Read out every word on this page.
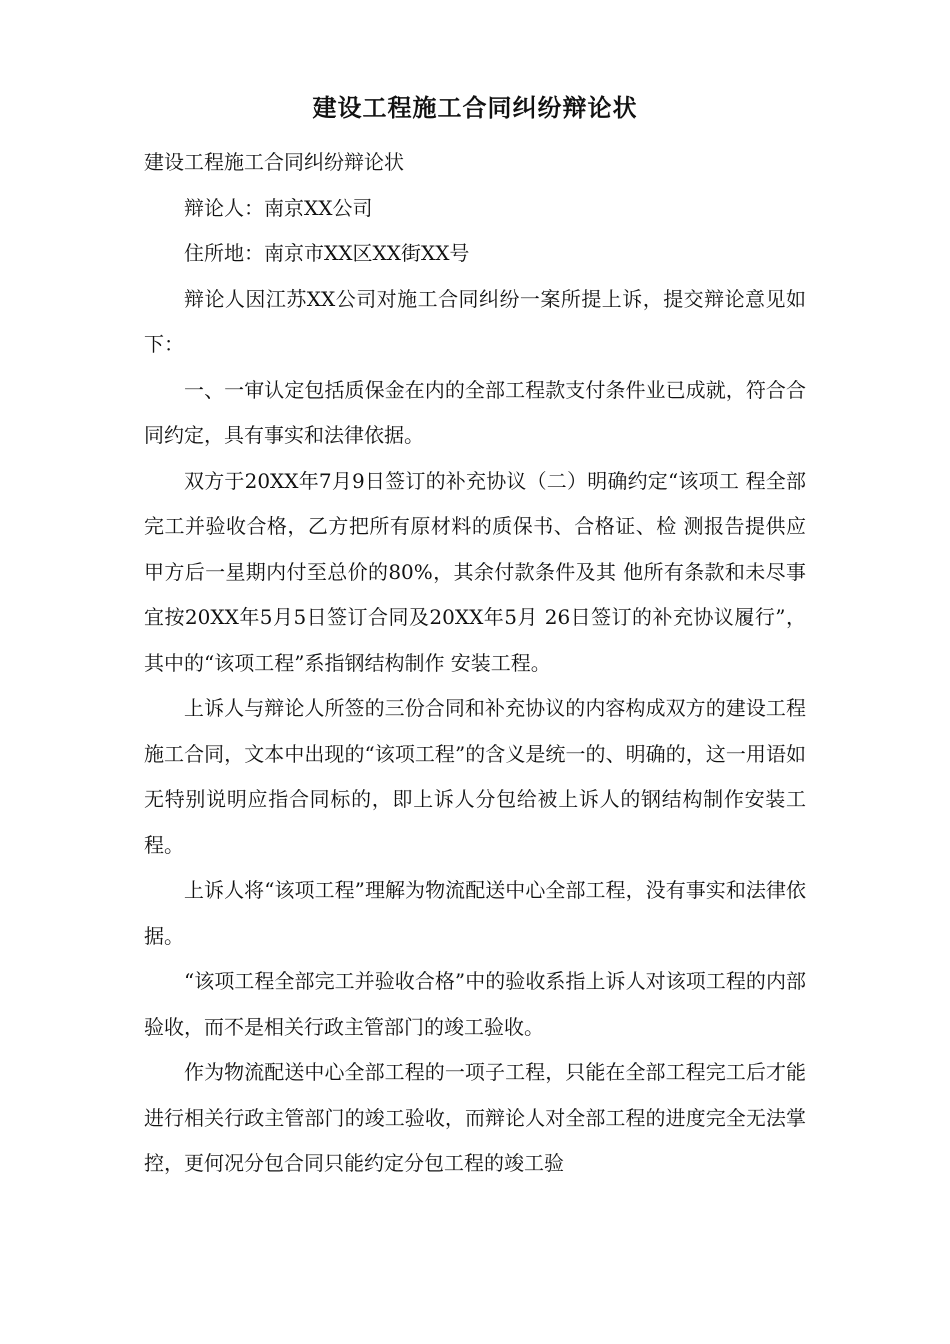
建设工程施工合同纠纷辩论状

建设工程施工合同纠纷辩论状

辩论人：南京XX公司

住所地：南京市XX区XX街XX号

辩论人因江苏XX公司对施工合同纠纷一案所提上诉，提交辩论意见如下：

一、一审认定包括质保金在内的全部工程款支付条件业已成就，符合合同约定，具有事实和法律依据。

双方于20XX年7月9日签订的补充协议（二）明确约定“该项工 程全部完工并验收合格，乙方把所有原材料的质保书、合格证、检 测报告提供应甲方后一星期内付至总价的80%，其余付款条件及其 他所有条款和未尽事宜按20XX年5月5日签订合同及20XX年5月 26日签订的补充协议履行”，其中的“该项工程”系指钢结构制作 安装工程。

上诉人与辩论人所签的三份合同和补充协议的内容构成双方的建设工程施工合同，文本中出现的“该项工程”的含义是统一的、明确的，这一用语如无特别说明应指合同标的，即上诉人分包给被上诉人的钢结构制作安装工程。

上诉人将“该项工程”理解为物流配送中心全部工程，没有事实和法律依据。

“该项工程全部完工并验收合格”中的验收系指上诉人对该项工程的内部验收，而不是相关行政主管部门的竣工验收。

作为物流配送中心全部工程的一项子工程，只能在全部工程完工后才能进行相关行政主管部门的竣工验收，而辩论人对全部工程的进度完全无法掌控，更何况分包合同只能约定分包工程的竣工验
